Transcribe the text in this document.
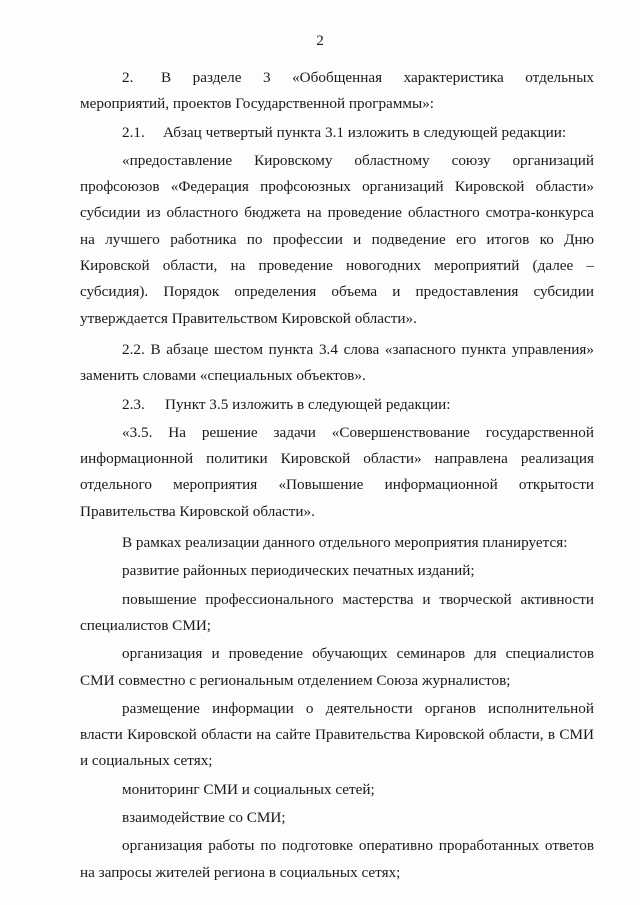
2

2. В разделе 3 «Обобщенная характеристика отдельных мероприятий, проектов Государственной программы»:

2.1. Абзац четвертый пункта 3.1 изложить в следующей редакции:

«предоставление Кировскому областному союзу организаций профсоюзов «Федерация профсоюзных организаций Кировской области» субсидии из областного бюджета на проведение областного смотра-конкурса на лучшего работника по профессии и подведение его итогов ко Дню Кировской области, на проведение новогодних мероприятий (далее – субсидия). Порядок определения объема и предоставления субсидии утверждается Правительством Кировской области».

2.2. В абзаце шестом пункта 3.4 слова «запасного пункта управления» заменить словами «специальных объектов».

2.3. Пункт 3.5 изложить в следующей редакции:

«3.5. На решение задачи «Совершенствование государственной информационной политики Кировской области» направлена реализация отдельного мероприятия «Повышение информационной открытости Правительства Кировской области».

В рамках реализации данного отдельного мероприятия планируется:

развитие районных периодических печатных изданий;

повышение профессионального мастерства и творческой активности специалистов СМИ;

организация и проведение обучающих семинаров для специалистов СМИ совместно с региональным отделением Союза журналистов;

размещение информации о деятельности органов исполнительной власти Кировской области на сайте Правительства Кировской области, в СМИ и социальных сетях;

мониторинг СМИ и социальных сетей;

взаимодействие со СМИ;

организация работы по подготовке оперативно проработанных ответов на запросы жителей региона в социальных сетях;
